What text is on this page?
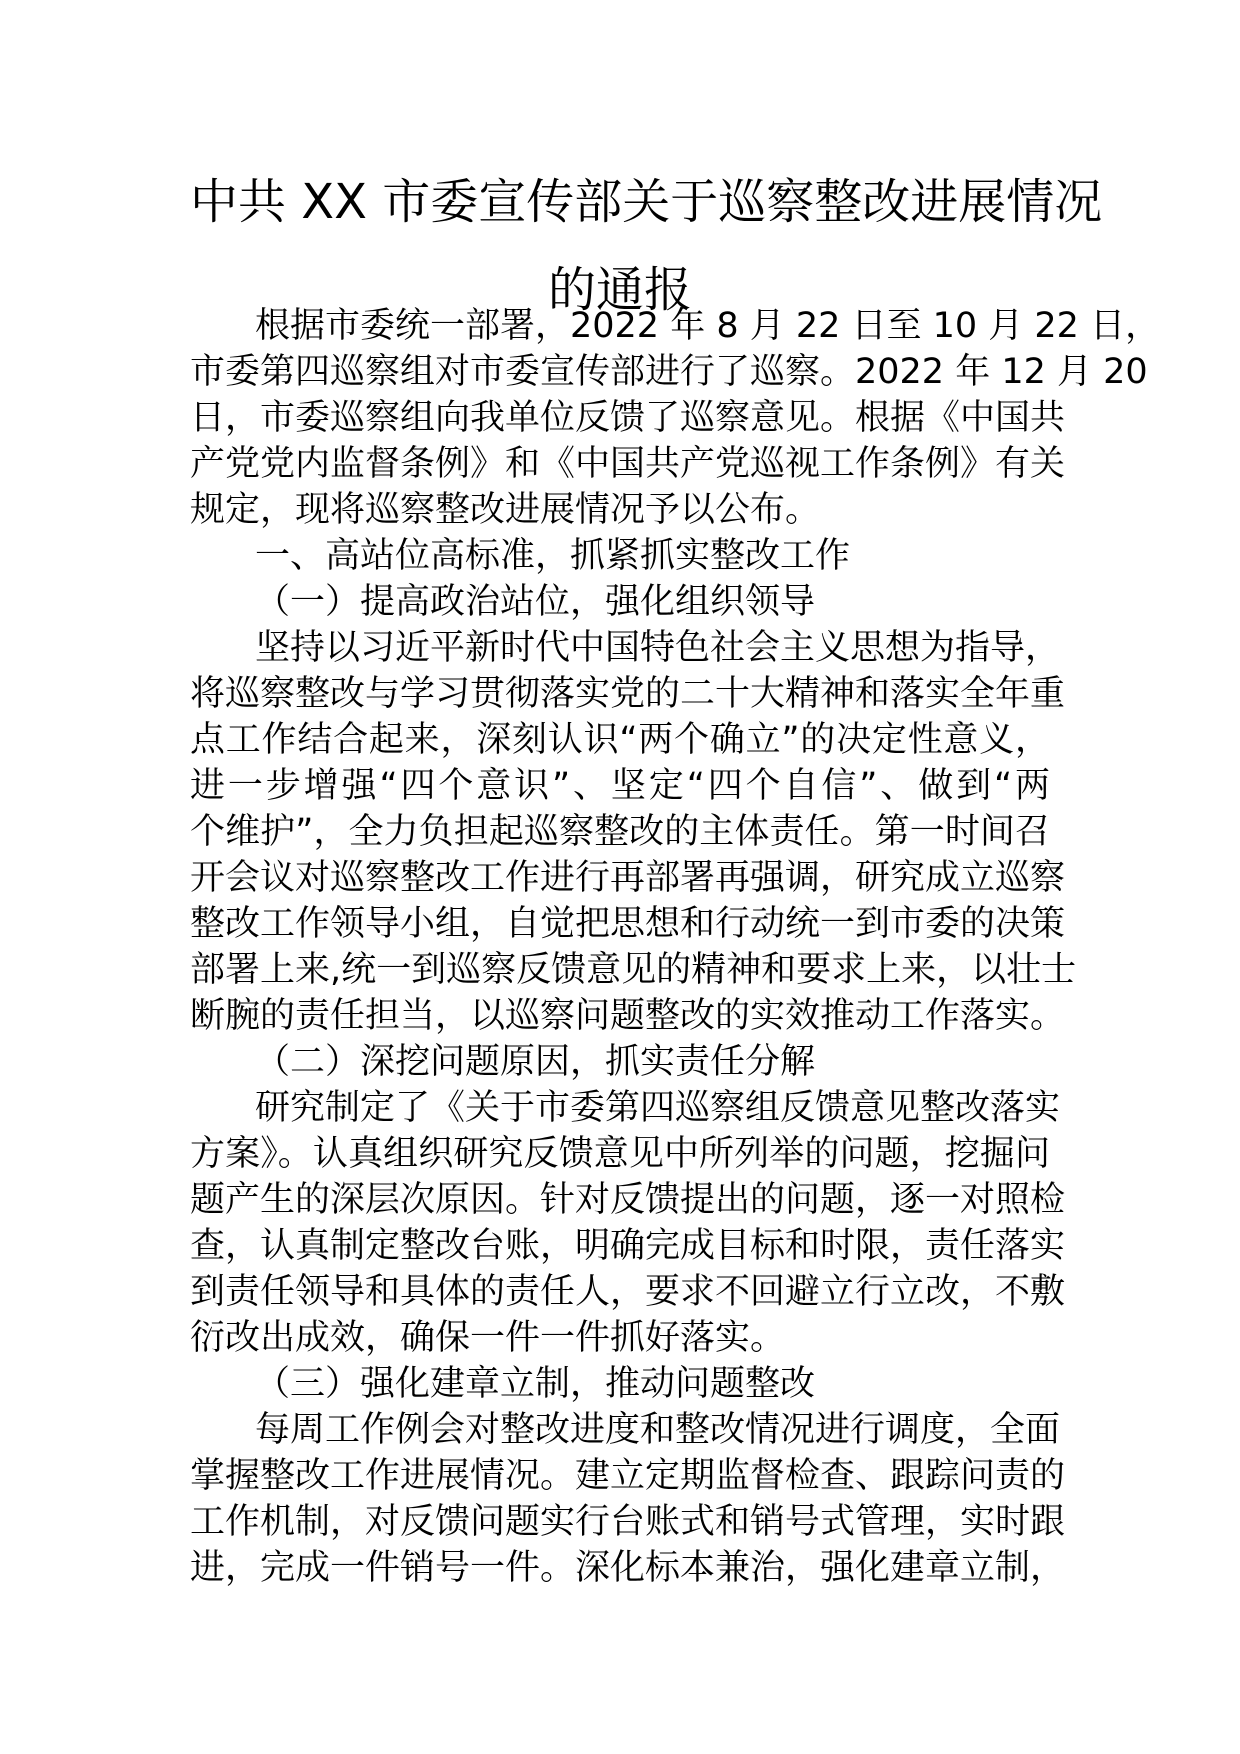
中共 XX 市委宣传部关于巡察整改进展情况
的通报
根据市委统一部署，2022 年 8 月 22 日至 10 月 22 日，
市委第四巡察组对市委宣传部进行了巡察。2022 年 12 月 20
日，市委巡察组向我单位反馈了巡察意见。根据《中国共
产党党内监督条例》和《中国共产党巡视工作条例》有关
规定，现将巡察整改进展情况予以公布。
一、高站位高标准，抓紧抓实整改工作
（一）提高政治站位，强化组织领导
坚持以习近平新时代中国特色社会主义思想为指导，
将巡察整改与学习贯彻落实党的二十大精神和落实全年重
点工作结合起来，深刻认识“两个确立”的决定性意义，
进一步增强“四个意识”、坚定“四个自信”、做到“两
个维护”，全力负担起巡察整改的主体责任。第一时间召
开会议对巡察整改工作进行再部署再强调，研究成立巡察
整改工作领导小组，自觉把思想和行动统一到市委的决策
部署上来,统一到巡察反馈意见的精神和要求上来，以壮士
断腕的责任担当，以巡察问题整改的实效推动工作落实。
（二）深挖问题原因，抓实责任分解
研究制定了《关于市委第四巡察组反馈意见整改落实
方案》。认真组织研究反馈意见中所列举的问题，挖掘问
题产生的深层次原因。针对反馈提出的问题，逐一对照检
查，认真制定整改台账，明确完成目标和时限，责任落实
到责任领导和具体的责任人，要求不回避立行立改，不敷
衍改出成效，确保一件一件抓好落实。
（三）强化建章立制，推动问题整改
每周工作例会对整改进度和整改情况进行调度，全面
掌握整改工作进展情况。建立定期监督检查、跟踪问责的
工作机制，对反馈问题实行台账式和销号式管理，实时跟
进，完成一件销号一件。深化标本兼治，强化建章立制，
